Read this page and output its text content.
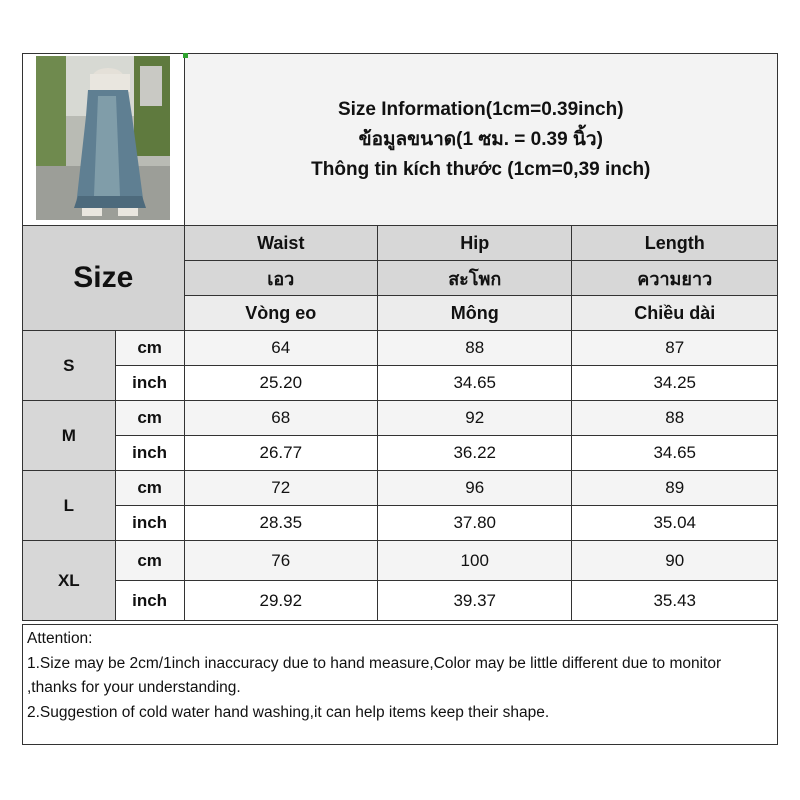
		Size Information(1cm=0.39inch)
ข้อมูลขนาด(1 ซม. = 0.39 นิ้ว)
Thông tin kích thước (1cm=0,39 inch)		

Size		Waist	Hip	Length
		เอว	สะโพก	ความยาว
		Vòng eo	Mông	Chiều dài
S	cm	64	88	87
	inch	25.20	34.65	34.25
M	cm	68	92	88
	inch	26.77	36.22	34.65
L	cm	72	96	89
	inch	28.35	37.80	35.04
XL	cm	76	100	90
	inch	29.92	39.37	35.43
Attention:
1.Size may be 2cm/1inch inaccuracy due to hand measure,Color may be little different due to monitor ,thanks for your understanding.
2.Suggestion of cold water hand washing,it can help items keep their shape.
